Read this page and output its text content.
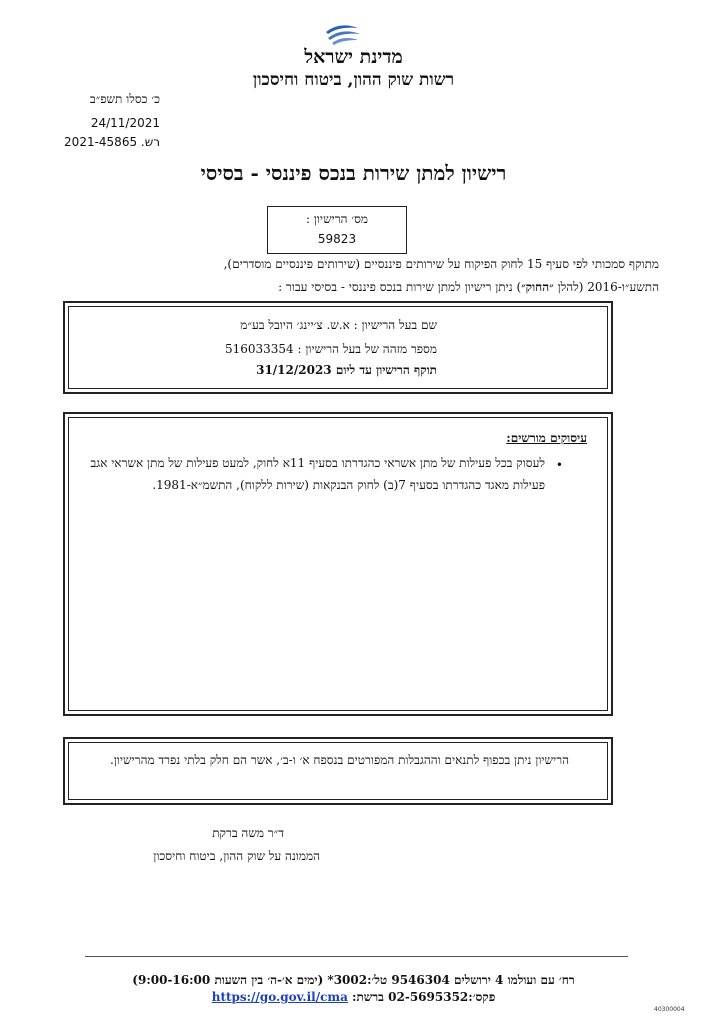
מדינת ישראל
רשות שוק ההון, ביטוח וחיסכון
כ׳ כסלו תשפ״ב
24/11/2021
רש. 2021-45865
רישיון למתן שירות בנכס פיננסי - בסיסי
מס׳ הרישיון :
59823
מתוקף סמכותי לפי סעיף 15 לחוק הפיקוח על שירותים פיננסיים (שירותים פיננסיים מוסדרים),
התשע״ו-2016 (להלן ״החוק״) ניתן רישיון למתן שירות בנכס פיננסי - בסיסי עבור :
שם בעל הרישיון : א.ש. צ׳יינג׳ היובל בע״מ
מספר מזהה של בעל הרישיון : 516033354
תוקף הרישיון עד ליום 31/12/2023
עיסוקים מורשים:
•
לעסוק בכל פעילות של מתן אשראי כהגדרתו בסעיף 11א לחוק, למעט פעילות של מתן אשראי אגב פעילות מאגד כהגדרתו בסעיף 7(ב) לחוק הבנקאות (שירות ללקוח), התשמ״א-1981.
הרישיון ניתן בכפוף לתנאים וההגבלות המפורטים בנספח א׳ ו-ב׳, אשר הם חלק בלתי נפרד מהרישיון.
ד״ר משה ברקת
הממונה על שוק ההון, ביטוח וחיסכון
רח׳ עם ועולמו 4 ירושלים 9546304 טל׳:3002* (ימים א׳-ה׳ בין השעות 9:00-16:00)
פקס׳:02-5695352 ברשת: https://go.gov.il/cma
40300004
